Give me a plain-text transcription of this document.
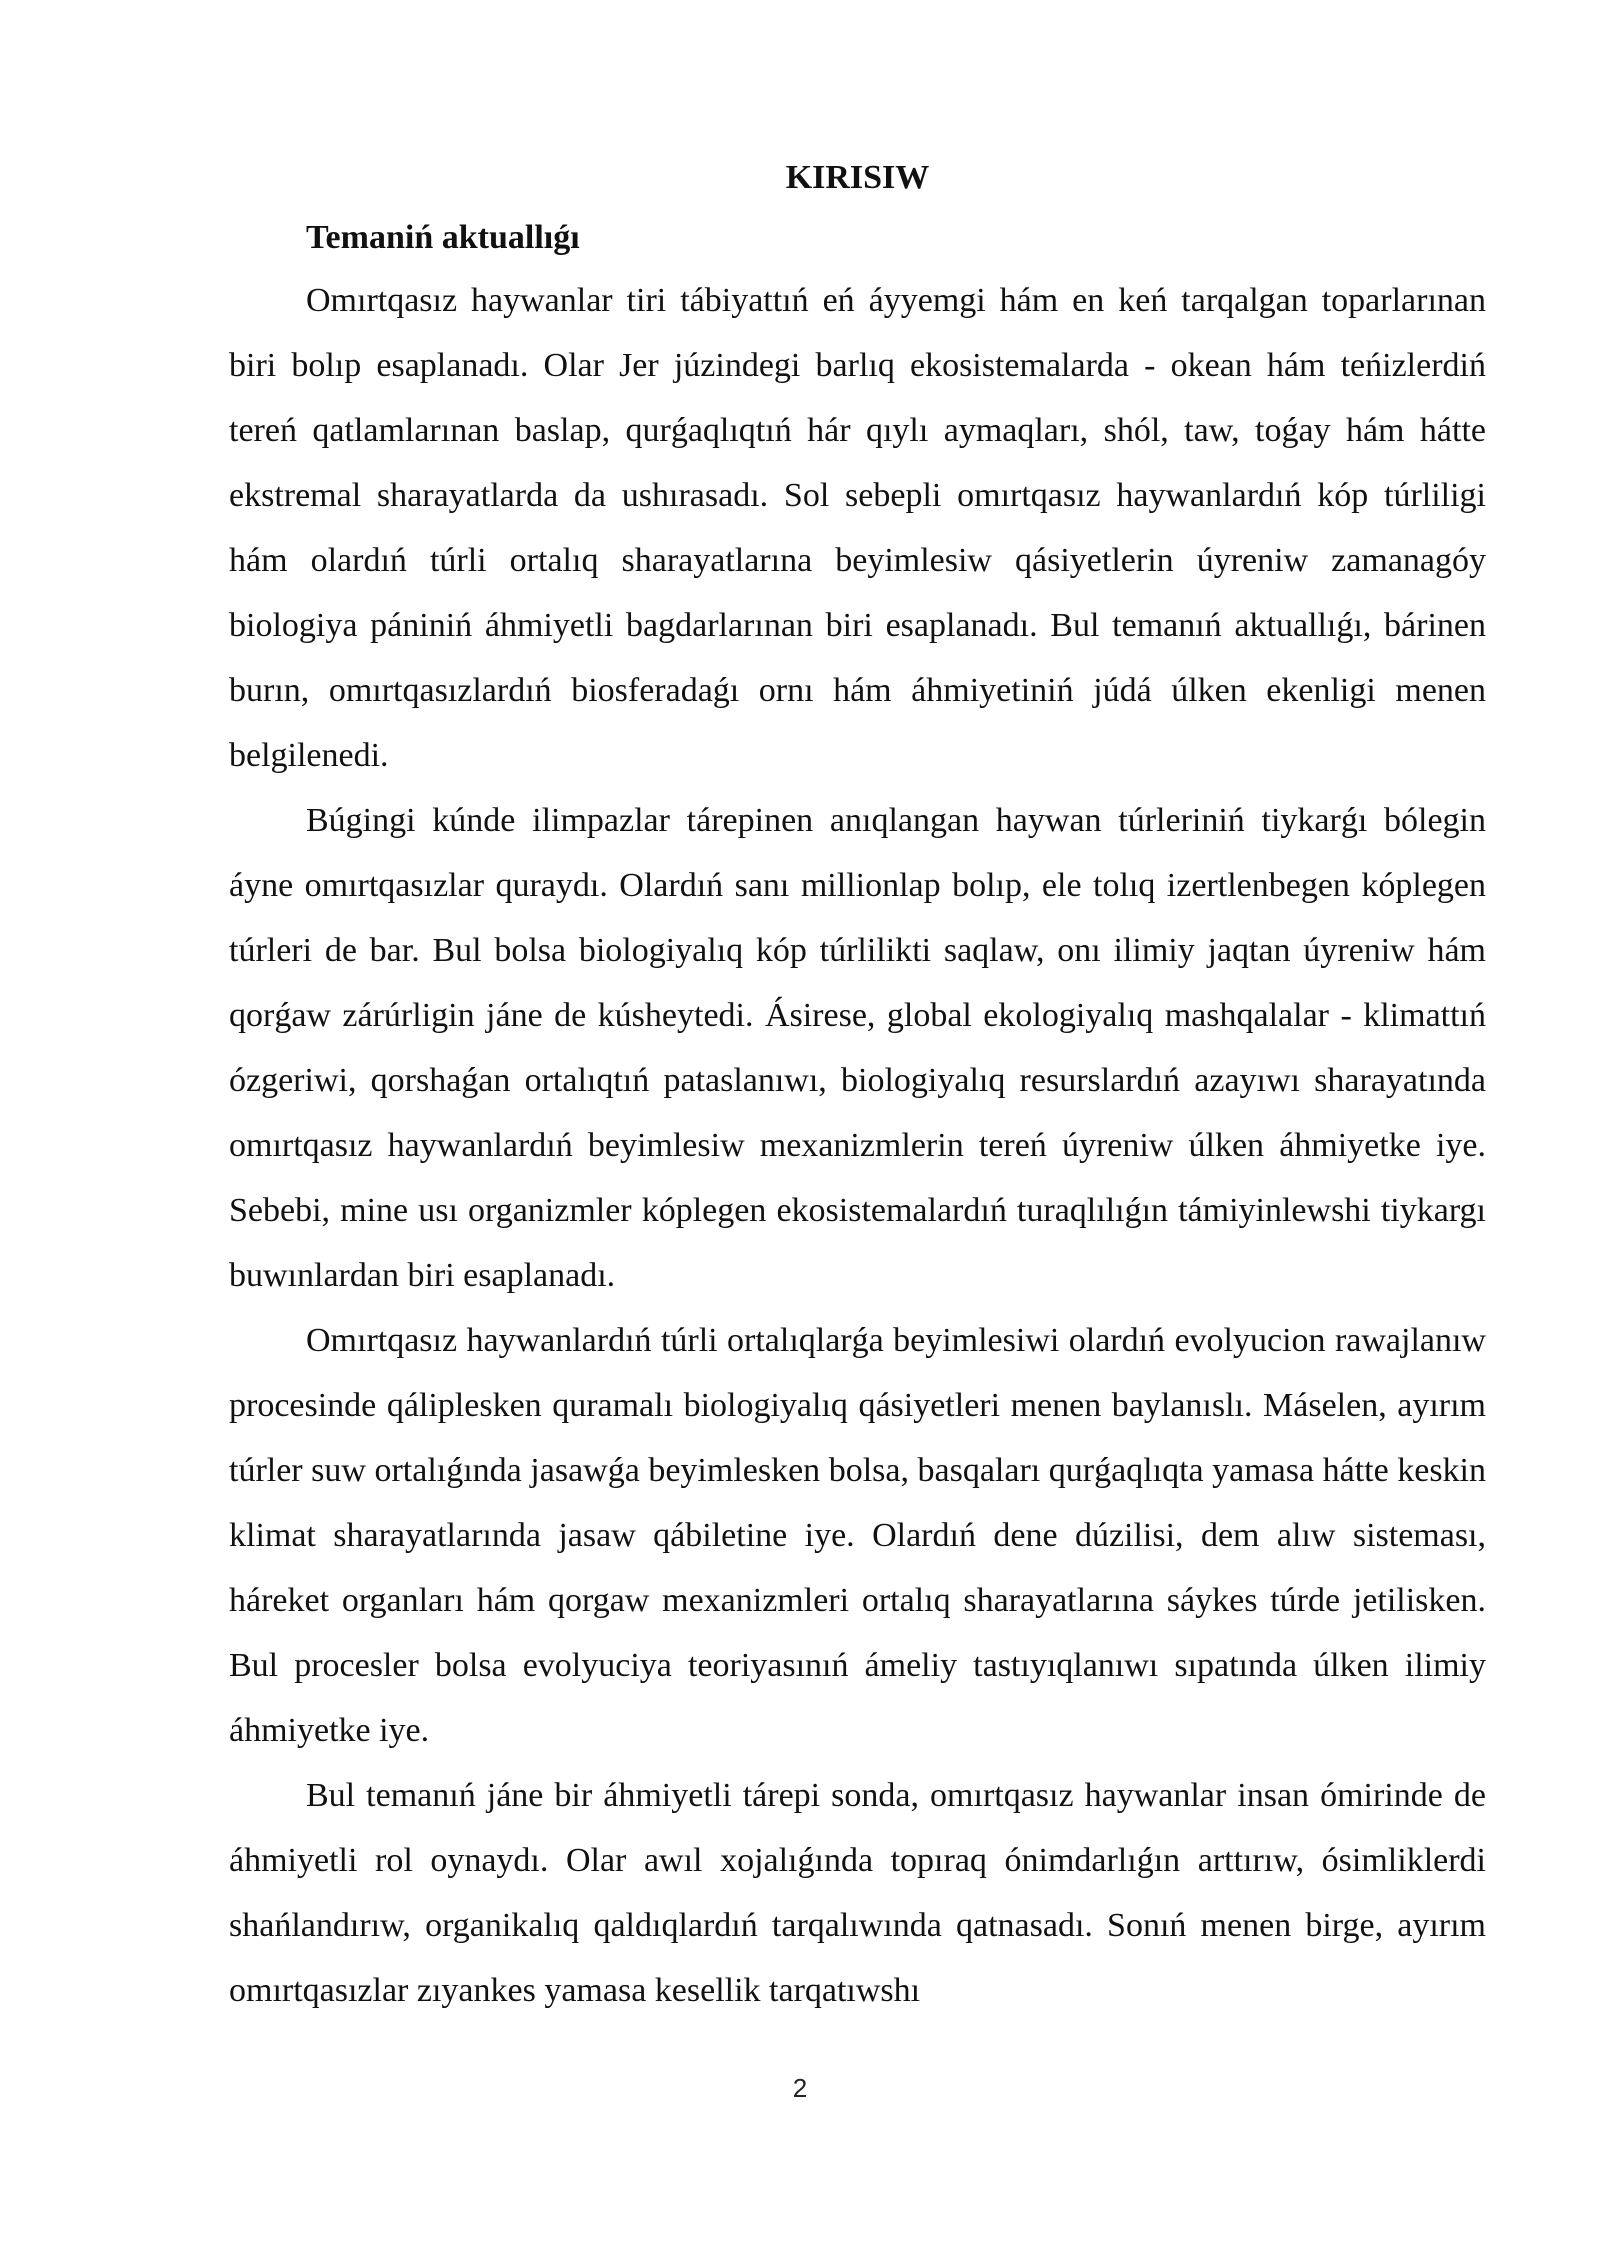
KIRISIW
Temaniń aktuallıǵı

Omırtqasız haywanlar tiri tábiyattıń eń áyyemgi hám en keń tarqalgan toparlarınan biri bolıp esaplanadı. Olar Jer júzindegi barlıq ekosistemalarda - okean hám teńizlerdiń tereń qatlamlarınan baslap, qurǵaqlıqtıń hár qıylı aymaqları, shól, taw, toǵay hám hátte ekstremal sharayatlarda da ushırasadı. Sol sebepli omırtqasız haywanlardıń kóp túrliligi hám olardıń túrli ortalıq sharayatlarına beyimlesiw qásiyetlerin úyreniw zamanagóy biologiya pániniń áhmiyetli bagdarlarınan biri esaplanadı. Bul temanıń aktuallıǵı, bárinen burın, omırtqasızlardıń biosferadaǵı ornı hám áhmiyetiniń júdá úlken ekenligi menen belgilenedi.

Búgingi kúnde ilimpazlar tárepinen anıqlangan haywan túrleriniń tiykarǵı bólegin áyne omırtqasızlar quraydı. Olardıń sanı millionlap bolıp, ele tolıq izertlenbegen kóplegen túrleri de bar. Bul bolsa biologiyalıq kóp túrlilikti saqlaw, onı ilimiy jaqtan úyreniw hám qorǵaw zárúrligin jáne de kúsheytedi. Ásirese, global ekologiyalıq mashqalalar - klimattıń ózgeriwi, qorshaǵan ortalıqtıń pataslanıwı, biologiyalıq resurslardıń azayıwı sharayatında omırtqasız haywanlardıń beyimlesiw mexanizmlerin tereń úyreniw úlken áhmiyetke iye. Sebebi, mine usı organizmler kóplegen ekosistemalardıń turaqlılıǵın támiyinlewshi tiykargı buwınlardan biri esaplanadı.

Omırtqasız haywanlardıń túrli ortalıqlarǵa beyimlesiwi olardıń evolyucion rawajlanıw procesinde qáliplesken quramalı biologiyalıq qásiyetleri menen baylanıslı. Máselen, ayırım túrler suw ortalıǵında jasawǵa beyimlesken bolsa, basqaları qurǵaqlıqta yamasa hátte keskin klimat sharayatlarında jasaw qábiletine iye. Olardıń dene dúzilisi, dem alıw sisteması, háreket organları hám qorgaw mexanizmleri ortalıq sharayatlarına sáykes túrde jetilisken. Bul procesler bolsa evolyuciya teoriyasınıń ámeliy tastıyıqlanıwı sıpatında úlken ilimiy áhmiyetke iye.

Bul temanıń jáne bir áhmiyetli tárepi sonda, omırtqasız haywanlar insan ómirinde de áhmiyetli rol oynaydı. Olar awıl xojalıǵında topıraq ónimdarlıǵın arttırıw, ósimliklerdi shańlandırıw, organikalıq qaldıqlardıń tarqalıwında qatnasadı. Sonıń menen birge, ayırım omırtqasızlar zıyankes yamasa kesellik tarqatıwshı

2
